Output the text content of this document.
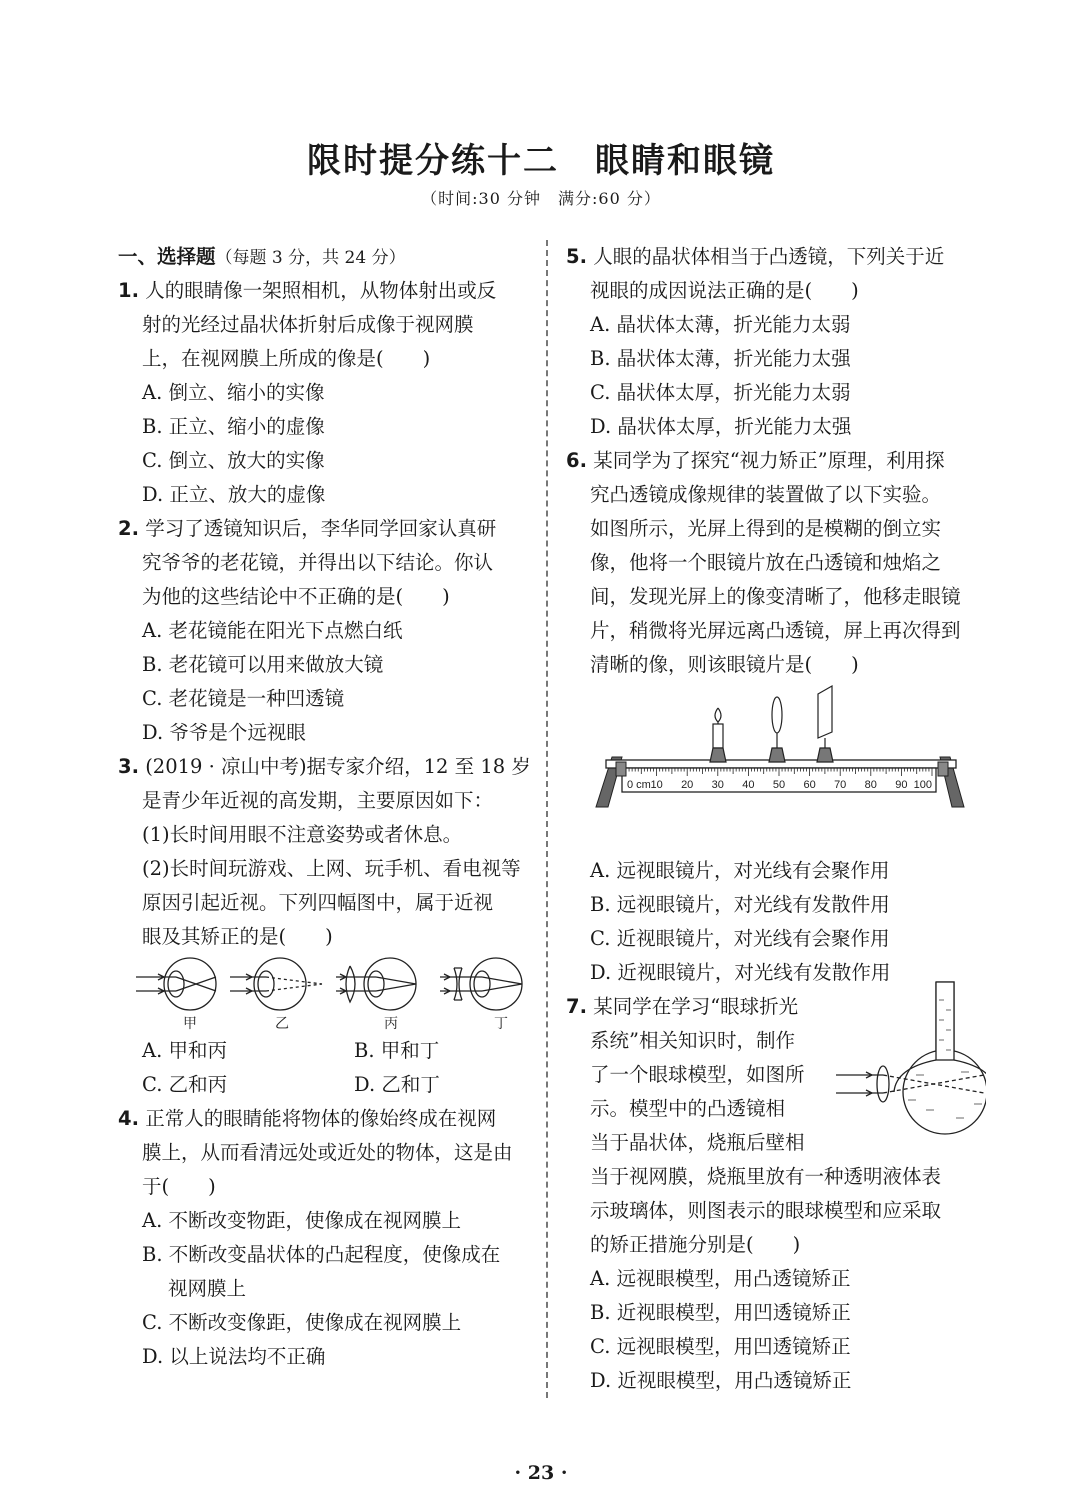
限时提分练十二　眼睛和眼镜
（时间:30 分钟　满分:60 分）
一、选择题（每题 3 分，共 24 分）
1. 人的眼睛像一架照相机，从物体射出或反
射的光经过晶状体折射后成像于视网膜
上，在视网膜上所成的像是(　　)
A. 倒立、缩小的实像
B. 正立、缩小的虚像
C. 倒立、放大的实像
D. 正立、放大的虚像
2. 学习了透镜知识后，李华同学回家认真研
究爷爷的老花镜，并得出以下结论。你认
为他的这些结论中不正确的是(　　)
A. 老花镜能在阳光下点燃白纸
B. 老花镜可以用来做放大镜
C. 老花镜是一种凹透镜
D. 爷爷是个远视眼
3. (2019 · 凉山中考)据专家介绍，12 至 18 岁
是青少年近视的高发期，主要原因如下：
(1)长时间用眼不注意姿势或者休息。
(2)长时间玩游戏、上网、玩手机、看电视等
原因引起近视。下列四幅图中，属于近视
眼及其矫正的是(　　)
甲	乙	丙	丁
A. 甲和丙	B. 甲和丁
C. 乙和丙	D. 乙和丁
4. 正常人的眼睛能将物体的像始终成在视网
膜上，从而看清远处或近处的物体，这是由
于(　　)
A. 不断改变物距，使像成在视网膜上
B. 不断改变晶状体的凸起程度，使像成在
视网膜上
C. 不断改变像距，使像成在视网膜上
D. 以上说法均不正确
5. 人眼的晶状体相当于凸透镜，下列关于近
视眼的成因说法正确的是(　　)
A. 晶状体太薄，折光能力太弱
B. 晶状体太薄，折光能力太强
C. 晶状体太厚，折光能力太弱
D. 晶状体太厚，折光能力太强
6. 某同学为了探究“视力矫正”原理，利用探
究凸透镜成像规律的装置做了以下实验。
如图所示，光屏上得到的是模糊的倒立实
像，他将一个眼镜片放在凸透镜和烛焰之
间，发现光屏上的像变清晰了，他移走眼镜
片，稍微将光屏远离凸透镜，屏上再次得到
清晰的像，则该眼镜片是(　　)
0 cm 10 20 30 40 50 60 70 80 90 100
A. 远视眼镜片，对光线有会聚作用
B. 远视眼镜片，对光线有发散件用
C. 近视眼镜片，对光线有会聚作用
D. 近视眼镜片，对光线有发散作用
7. 某同学在学习“眼球折光
系统”相关知识时，制作
了一个眼球模型，如图所
示。模型中的凸透镜相
当于晶状体，烧瓶后壁相
当于视网膜，烧瓶里放有一种透明液体表
示玻璃体，则图表示的眼球模型和应采取
的矫正措施分别是(　　)
A. 远视眼模型，用凸透镜矫正
B. 近视眼模型，用凹透镜矫正
C. 远视眼模型，用凹透镜矫正
D. 近视眼模型，用凸透镜矫正
· 23 ·
